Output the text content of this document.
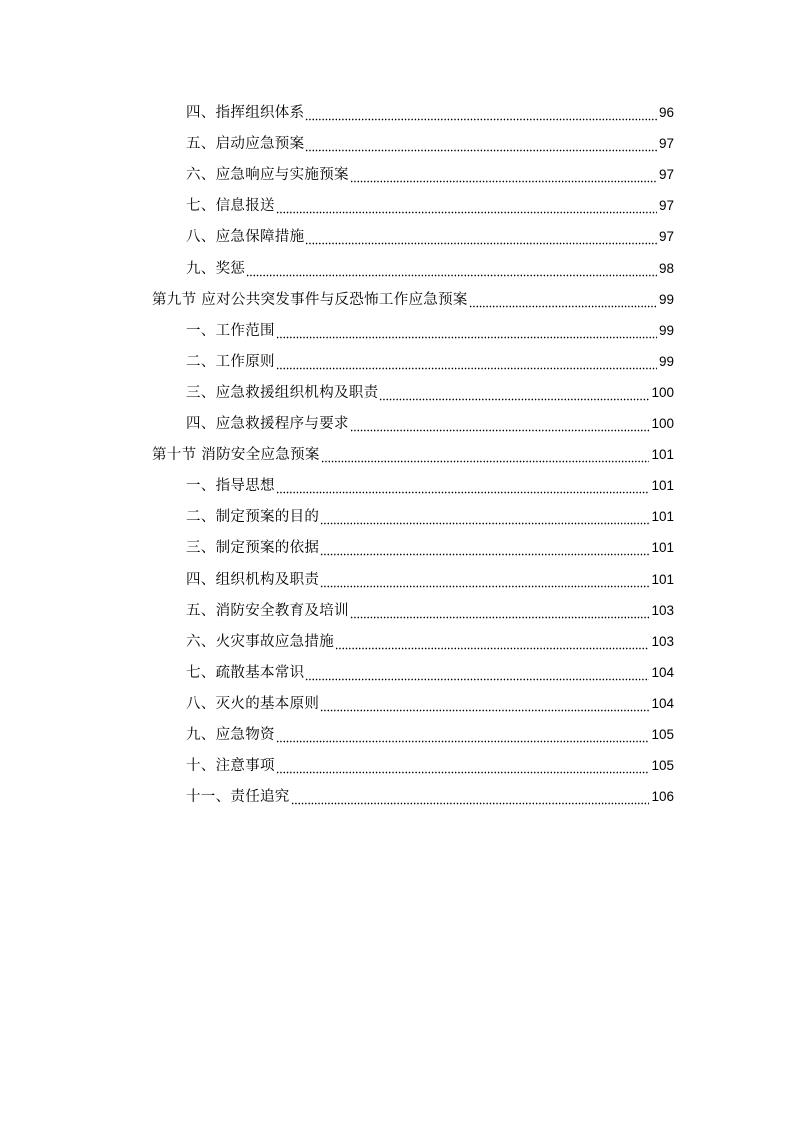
四、指挥组织体系	96
五、启动应急预案	97
六、应急响应与实施预案	97
七、信息报送	97
八、应急保障措施	97
九、奖惩	98
第九节 应对公共突发事件与反恐怖工作应急预案	99
一、工作范围	99
二、工作原则	99
三、应急救援组织机构及职责	100
四、应急救援程序与要求	100
第十节 消防安全应急预案	101
一、指导思想	101
二、制定预案的目的	101
三、制定预案的依据	101
四、组织机构及职责	101
五、消防安全教育及培训	103
六、火灾事故应急措施	103
七、疏散基本常识	104
八、灭火的基本原则	104
九、应急物资	105
十、注意事项	105
十一、责任追究	106
